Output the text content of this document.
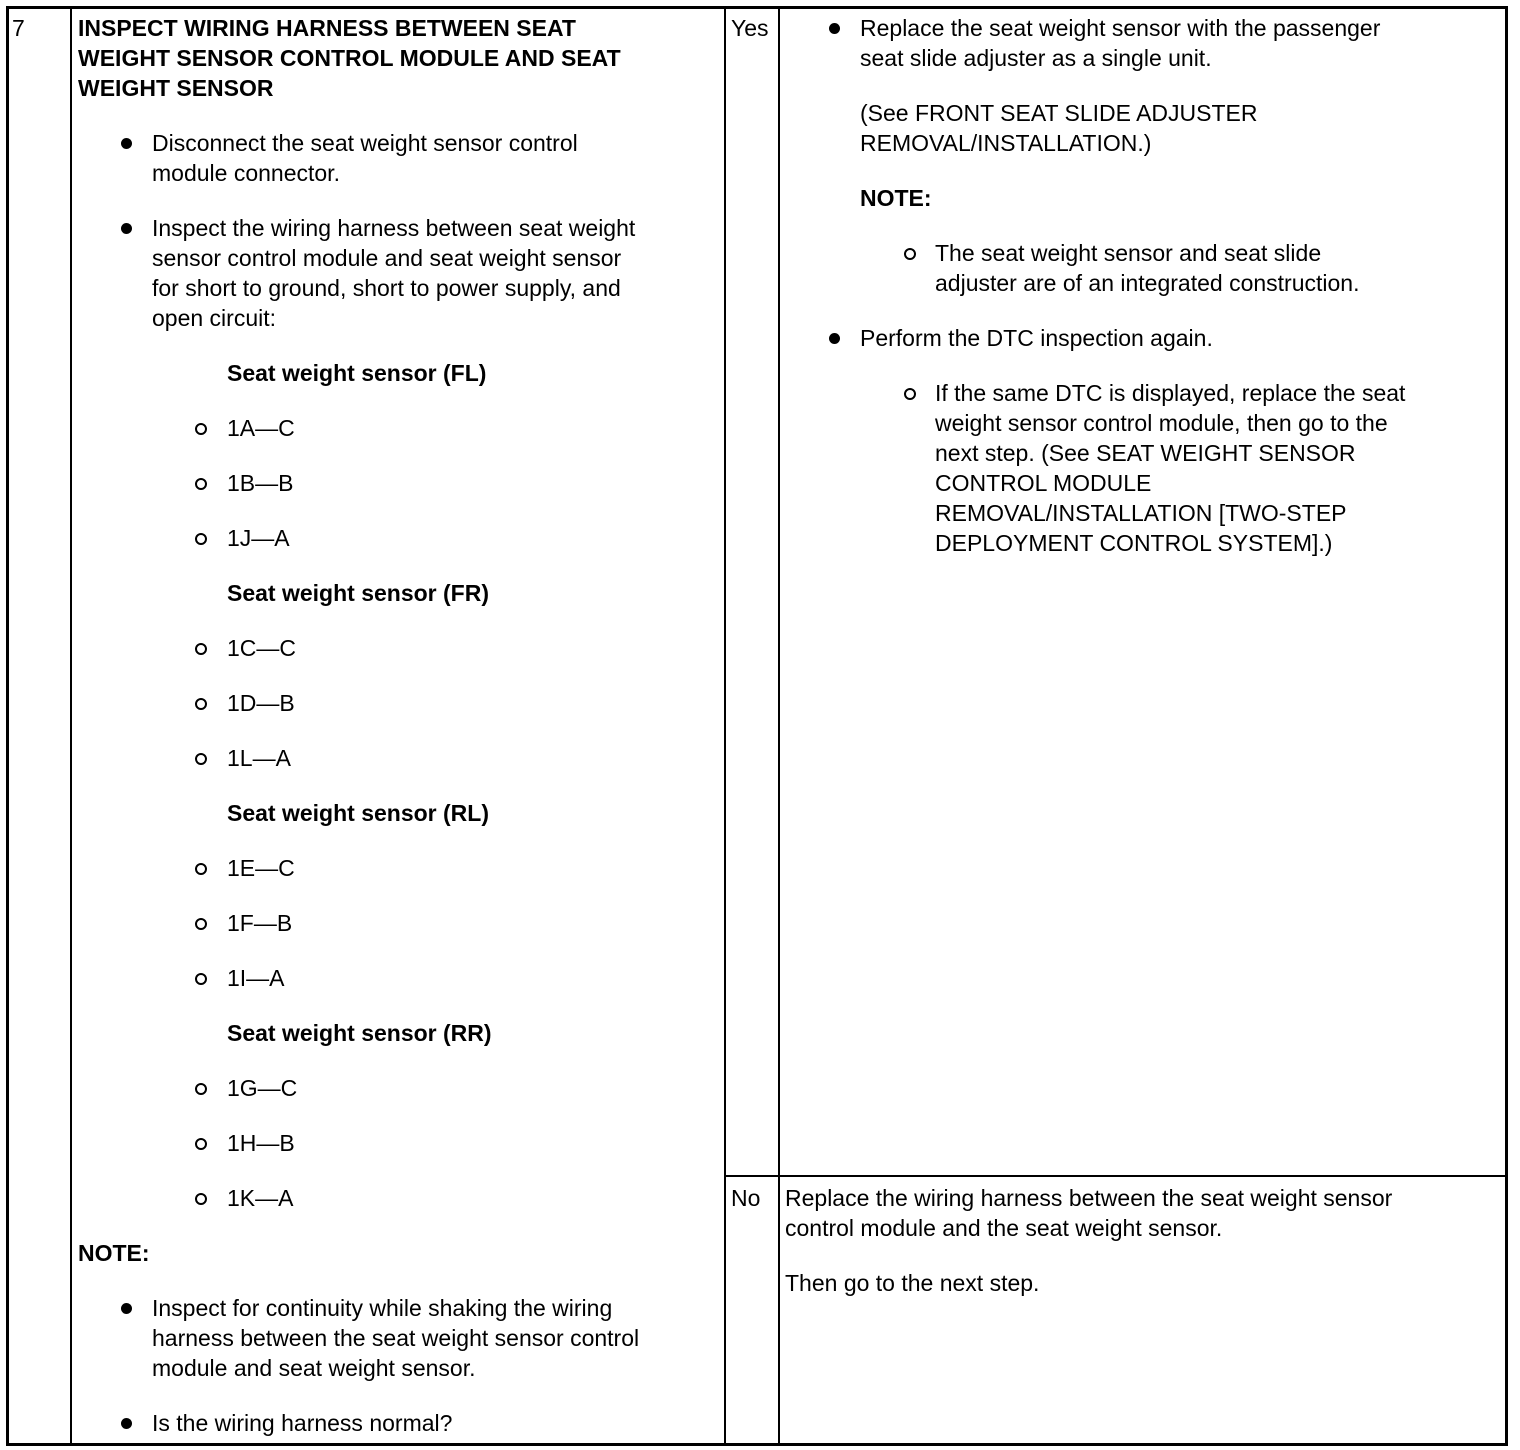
7 INSPECT WIRING HARNESS BETWEEN SEAT
WEIGHT SENSOR CONTROL MODULE AND SEAT
WEIGHT SENSOR
Disconnect the seat weight sensor control
module connector.
Inspect the wiring harness between seat weight
sensor control module and seat weight sensor
for short to ground, short to power supply, and
open circuit:
Seat weight sensor (FL)
1A—C
1B—B
1J—A
Seat weight sensor (FR)
1C—C
1D—B
1L—A
Seat weight sensor (RL)
1E—C
1F—B
1I—A
Seat weight sensor (RR)
1G—C
1H—B
1K—A
NOTE:
Inspect for continuity while shaking the wiring
harness between the seat weight sensor control
module and seat weight sensor.
Is the wiring harness normal?
Yes	Replace the seat weight sensor with the passenger
seat slide adjuster as a single unit.
(See FRONT SEAT SLIDE ADJUSTER
REMOVAL/INSTALLATION.)
NOTE:
The seat weight sensor and seat slide
adjuster are of an integrated construction.
Perform the DTC inspection again.
If the same DTC is displayed, replace the seat
weight sensor control module, then go to the
next step. (See SEAT WEIGHT SENSOR
CONTROL MODULE
REMOVAL/INSTALLATION [TWO-STEP
DEPLOYMENT CONTROL SYSTEM].)
No Replace the wiring harness between the seat weight sensor
control module and the seat weight sensor.
Then go to the next step.
